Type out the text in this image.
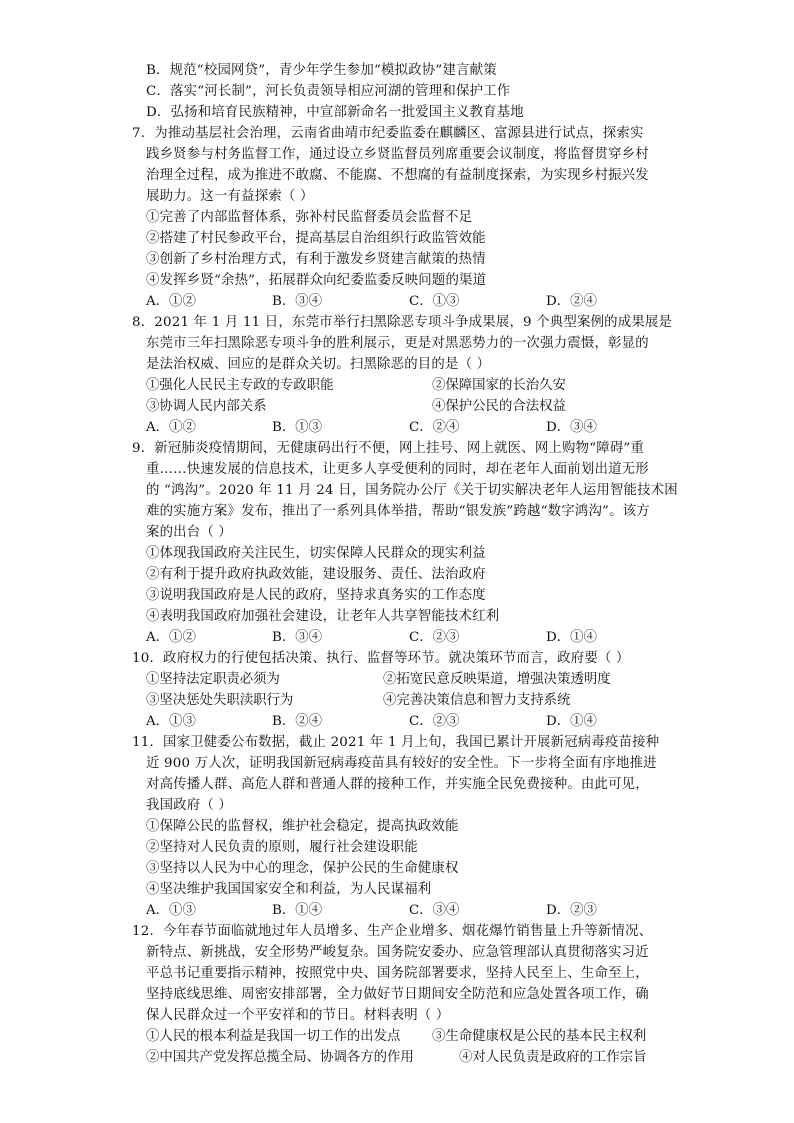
B．规范“校园网贷”，青少年学生参加“模拟政协”建言献策
C．落实“河长制”，河长负责领导相应河湖的管理和保护工作
D．弘扬和培育民族精神，中宣部新命名一批爱国主义教育基地
7．为推动基层社会治理，云南省曲靖市纪委监委在麒麟区、富源县进行试点，探索实
践乡贤参与村务监督工作，通过设立乡贤监督员列席重要会议制度，将监督贯穿乡村
治理全过程，成为推进不敢腐、不能腐、不想腐的有益制度探索，为实现乡村振兴发
展助力。这一有益探索（ ）
①完善了内部监督体系，弥补村民监督委员会监督不足
②搭建了村民参政平台，提高基层自治组织行政监管效能
③创新了乡村治理方式，有利于激发乡贤建言献策的热情
④发挥乡贤“余热”，拓展群众向纪委监委反映问题的渠道
A．①②	B．③④	C．①③	D．②④
8．2021 年 1 月 11 日，东莞市举行扫黑除恶专项斗争成果展，9 个典型案例的成果展是
东莞市三年扫黑除恶专项斗争的胜利展示，更是对黑恶势力的一次强力震慑，彰显的
是法治权威、回应的是群众关切。扫黑除恶的目的是（ ）
①强化人民民主专政的专政职能	②保障国家的长治久安
③协调人民内部关系	④保护公民的合法权益
A．①②	B．①③	C．②④	D．③④
9．新冠肺炎疫情期间，无健康码出行不便，网上挂号、网上就医、网上购物“障碍”重
重……快速发展的信息技术，让更多人享受便利的同时，却在老年人面前划出道无形
的 “鸿沟”。2020 年 11 月 24 日，国务院办公厅《关于切实解决老年人运用智能技术困
难的实施方案》发布，推出了一系列具体举措，帮助“银发族”跨越“数字鸿沟”。该方
案的出台（ ）
①体现我国政府关注民生，切实保障人民群众的现实利益
②有利于提升政府执政效能，建设服务、责任、法治政府
③说明我国政府是人民的政府，坚持求真务实的工作态度
④表明我国政府加强社会建设，让老年人共享智能技术红利
A．①②	B．③④	C．②③	D．①④
10．政府权力的行使包括决策、执行、监督等环节。就决策环节而言，政府要（ ）
①坚持法定职责必须为	②拓宽民意反映渠道，增强决策透明度
③坚决惩处失职渎职行为	④完善决策信息和智力支持系统
A．①③	B．②④	C．②③	D．①④
11．国家卫健委公布数据，截止 2021 年 1 月上旬，我国已累计开展新冠病毒疫苗接种
近 900 万人次，证明我国新冠病毒疫苗具有较好的安全性。下一步将全面有序地推进
对高传播人群、高危人群和普通人群的接种工作，并实施全民免费接种。由此可见，
我国政府（ ）
①保障公民的监督权，维护社会稳定，提高执政效能
②坚持对人民负责的原则，履行社会建设职能
③坚持以人民为中心的理念，保护公民的生命健康权
④坚决维护我国国家安全和利益，为人民谋福利
A．①③	B．①④	C．③④	D．②③
12．今年春节面临就地过年人员增多、生产企业增多、烟花爆竹销售量上升等新情况、
新特点、新挑战，安全形势严峻复杂。国务院安委办、应急管理部认真贯彻落实习近
平总书记重要指示精神，按照党中央、国务院部署要求，坚持人民至上、生命至上，
坚持底线思维、周密安排部署，全力做好节日期间安全防范和应急处置各项工作，确
保人民群众过一个平安祥和的节日。材料表明（ ）
①人民的根本利益是我国一切工作的出发点 ③生命健康权是公民的基本民主权利
②中国共产党发挥总揽全局、协调各方的作用	④对人民负责是政府的工作宗旨
